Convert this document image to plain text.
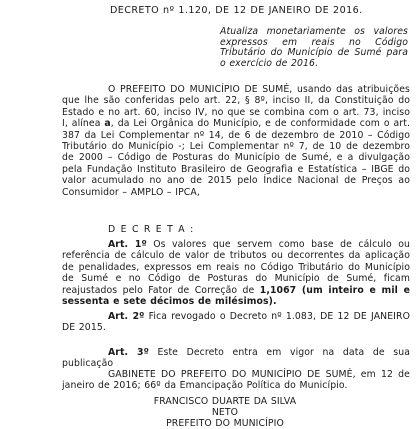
DECRETO nº 1.120, DE 12 DE JANEIRO DE 2016.
Atualiza monetariamente os valores expressos em reais no Código Tributário do Município de Sumé para o exercício de 2016.
O PREFEITO DO MUNICÍPIO DE SUMÉ, usando das atribuições que lhe são conferidas pelo art. 22, § 8º, inciso II, da Constituição do Estado e no art. 60, inciso IV, no que se combina com o art. 73, inciso I, alínea a, da Lei Orgânica do Município, e de conformidade com o art. 387 da Lei Complementar nº 14, de 6 de dezembro de 2010 – Código Tributário do Município -; Lei Complementar nº 7, de 10 de dezembro de 2000 – Código de Posturas do Município de Sumé, e a divulgação pela Fundação Instituto Brasileiro de Geografia e Estatística – IBGE do valor acumulado no ano de 2015 pelo Índice Nacional de Preços ao Consumidor – AMPLO – IPCA,
D E C R E T A :
Art. 1º Os valores que servem como base de cálculo ou referência de cálculo de valor de tributos ou decorrentes da aplicação de penalidades, expressos em reais no Código Tributário do Município de Sumé e no Código de Posturas do Município de Sumé, ficam reajustados pelo Fator de Correção de 1,1067 (um inteiro e mil e sessenta e sete décimos de milésimos).
Art. 2º Fica revogado o Decreto nº 1.083, DE 12 DE JANEIRO DE 2015.
Art. 3º Este Decreto entra em vigor na data de sua publicação
GABINETE DO PREFEITO DO MUNICÍPIO DE SUMÉ, em 12 de janeiro de 2016; 66º da Emancipação Política do Município.
FRANCISCO DUARTE DA SILVA NETO
PREFEITO DO MUNICÍPIO
